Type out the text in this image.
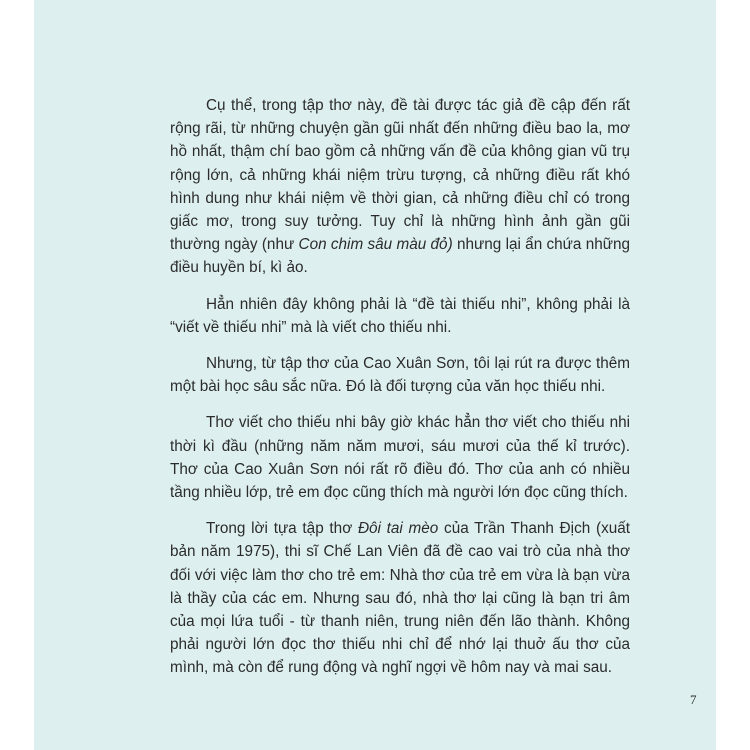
Cụ thể, trong tập thơ này, đề tài được tác giả đề cập đến rất rộng rãi, từ những chuyện gần gũi nhất đến những điều bao la, mơ hồ nhất, thậm chí bao gồm cả những vấn đề của không gian vũ trụ rộng lớn, cả những khái niệm trừu tượng, cả những điều rất khó hình dung như khái niệm về thời gian, cả những điều chỉ có trong giấc mơ, trong suy tưởng. Tuy chỉ là những hình ảnh gần gũi thường ngày (như Con chim sâu màu đỏ) nhưng lại ẩn chứa những điều huyền bí, kì ảo.

Hẳn nhiên đây không phải là “đề tài thiếu nhi”, không phải là “viết về thiếu nhi” mà là viết cho thiếu nhi.

Nhưng, từ tập thơ của Cao Xuân Sơn, tôi lại rút ra được thêm một bài học sâu sắc nữa. Đó là đối tượng của văn học thiếu nhi.

Thơ viết cho thiếu nhi bây giờ khác hẳn thơ viết cho thiếu nhi thời kì đầu (những năm năm mươi, sáu mươi của thế kỉ trước). Thơ của Cao Xuân Sơn nói rất rõ điều đó. Thơ của anh có nhiều tầng nhiều lớp, trẻ em đọc cũng thích mà người lớn đọc cũng thích.

Trong lời tựa tập thơ Đôi tai mèo của Trần Thanh Địch (xuất bản năm 1975), thi sĩ Chế Lan Viên đã đề cao vai trò của nhà thơ đối với việc làm thơ cho trẻ em: Nhà thơ của trẻ em vừa là bạn vừa là thầy của các em. Nhưng sau đó, nhà thơ lại cũng là bạn tri âm của mọi lứa tuổi - từ thanh niên, trung niên đến lão thành. Không phải người lớn đọc thơ thiếu nhi chỉ để nhớ lại thuở ấu thơ của mình, mà còn để rung động và nghĩ ngợi về hôm nay và mai sau.

7
